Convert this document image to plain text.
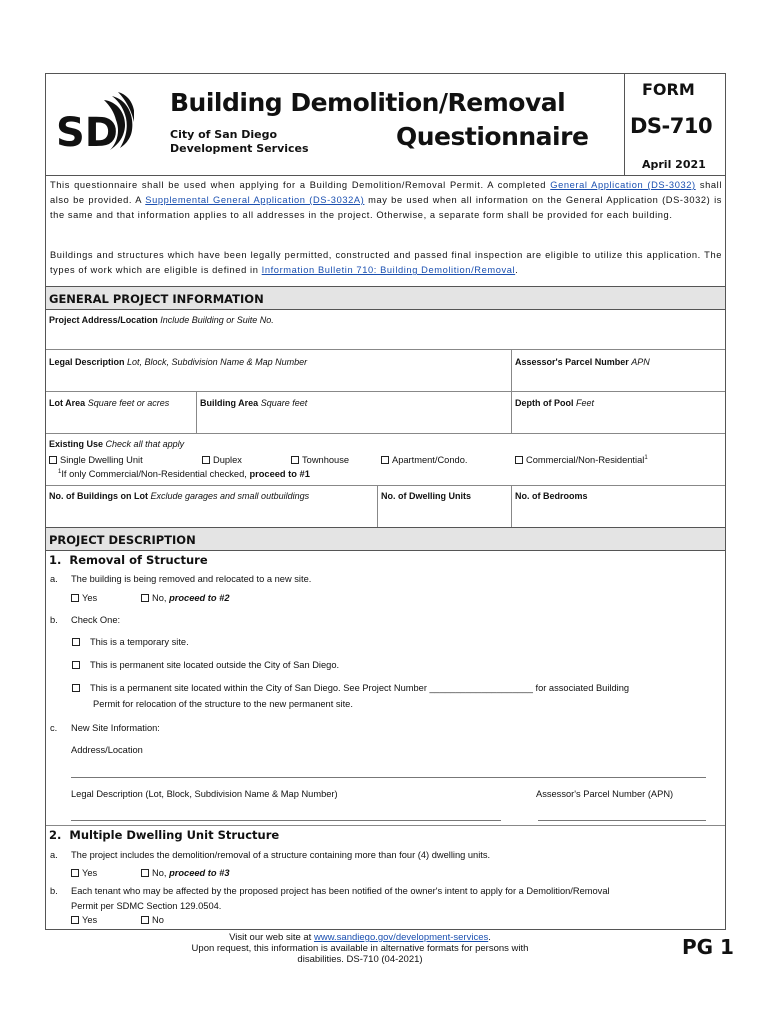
SD
Building Demolition/Removal
City of San Diego
Development Services	Questionnaire
FORM
DS-710
April 2021
This questionnaire shall be used when applying for a Building Demolition/Removal Permit. A completed General Application (DS-3032) shall also be provided. A Supplemental General Application (DS-3032A) may be used when all information on the General Application (DS-3032) is the same and that information applies to all addresses in the project. Otherwise, a separate form shall be provided for each building.
Buildings and structures which have been legally permitted, constructed and passed final inspection are eligible to utilize this application. The types of work which are eligible is defined in Information Bulletin 710: Building Demolition/Removal.
GENERAL PROJECT INFORMATION
Project Address/Location Include Building or Suite No.
Legal Description Lot, Block, Subdivision Name & Map Number	Assessor's Parcel Number APN
Lot Area Square feet or acres	Building Area Square feet	Depth of Pool Feet
Existing Use Check all that apply
Single Dwelling Unit	Duplex	Townhouse	Apartment/Condo.	Commercial/Non-Residential$^1$
$^1$If only Commercial/Non-Residential checked, proceed to #1
No. of Buildings on Lot Exclude garages and small outbuildings	No. of Dwelling Units	No. of Bedrooms
PROJECT DESCRIPTION
1. Removal of Structure
a. The building is being removed and relocated to a new site.
Yes	No, proceed to #2
b. Check One:
This is a temporary site.
This is permanent site located outside the City of San Diego.
This is a permanent site located within the City of San Diego. See Project Number ____________________ for associated Building
Permit for relocation of the structure to the new permanent site.
c. New Site Information:
Address/Location
Legal Description (Lot, Block, Subdivision Name & Map Number)	Assessor's Parcel Number (APN)
2. Multiple Dwelling Unit Structure
a. The project includes the demolition/removal of a structure containing more than four (4) dwelling units.
Yes	No, proceed to #3
b. Each tenant who may be affected by the proposed project has been notified of the owner's intent to apply for a Demolition/Removal
Permit per SDMC Section 129.0504.
Yes	No
Visit our web site at www.sandiego.gov/development-services.
Upon request, this information is available in alternative formats for persons with
disabilities. DS-710 (04-2021)
PG 1
